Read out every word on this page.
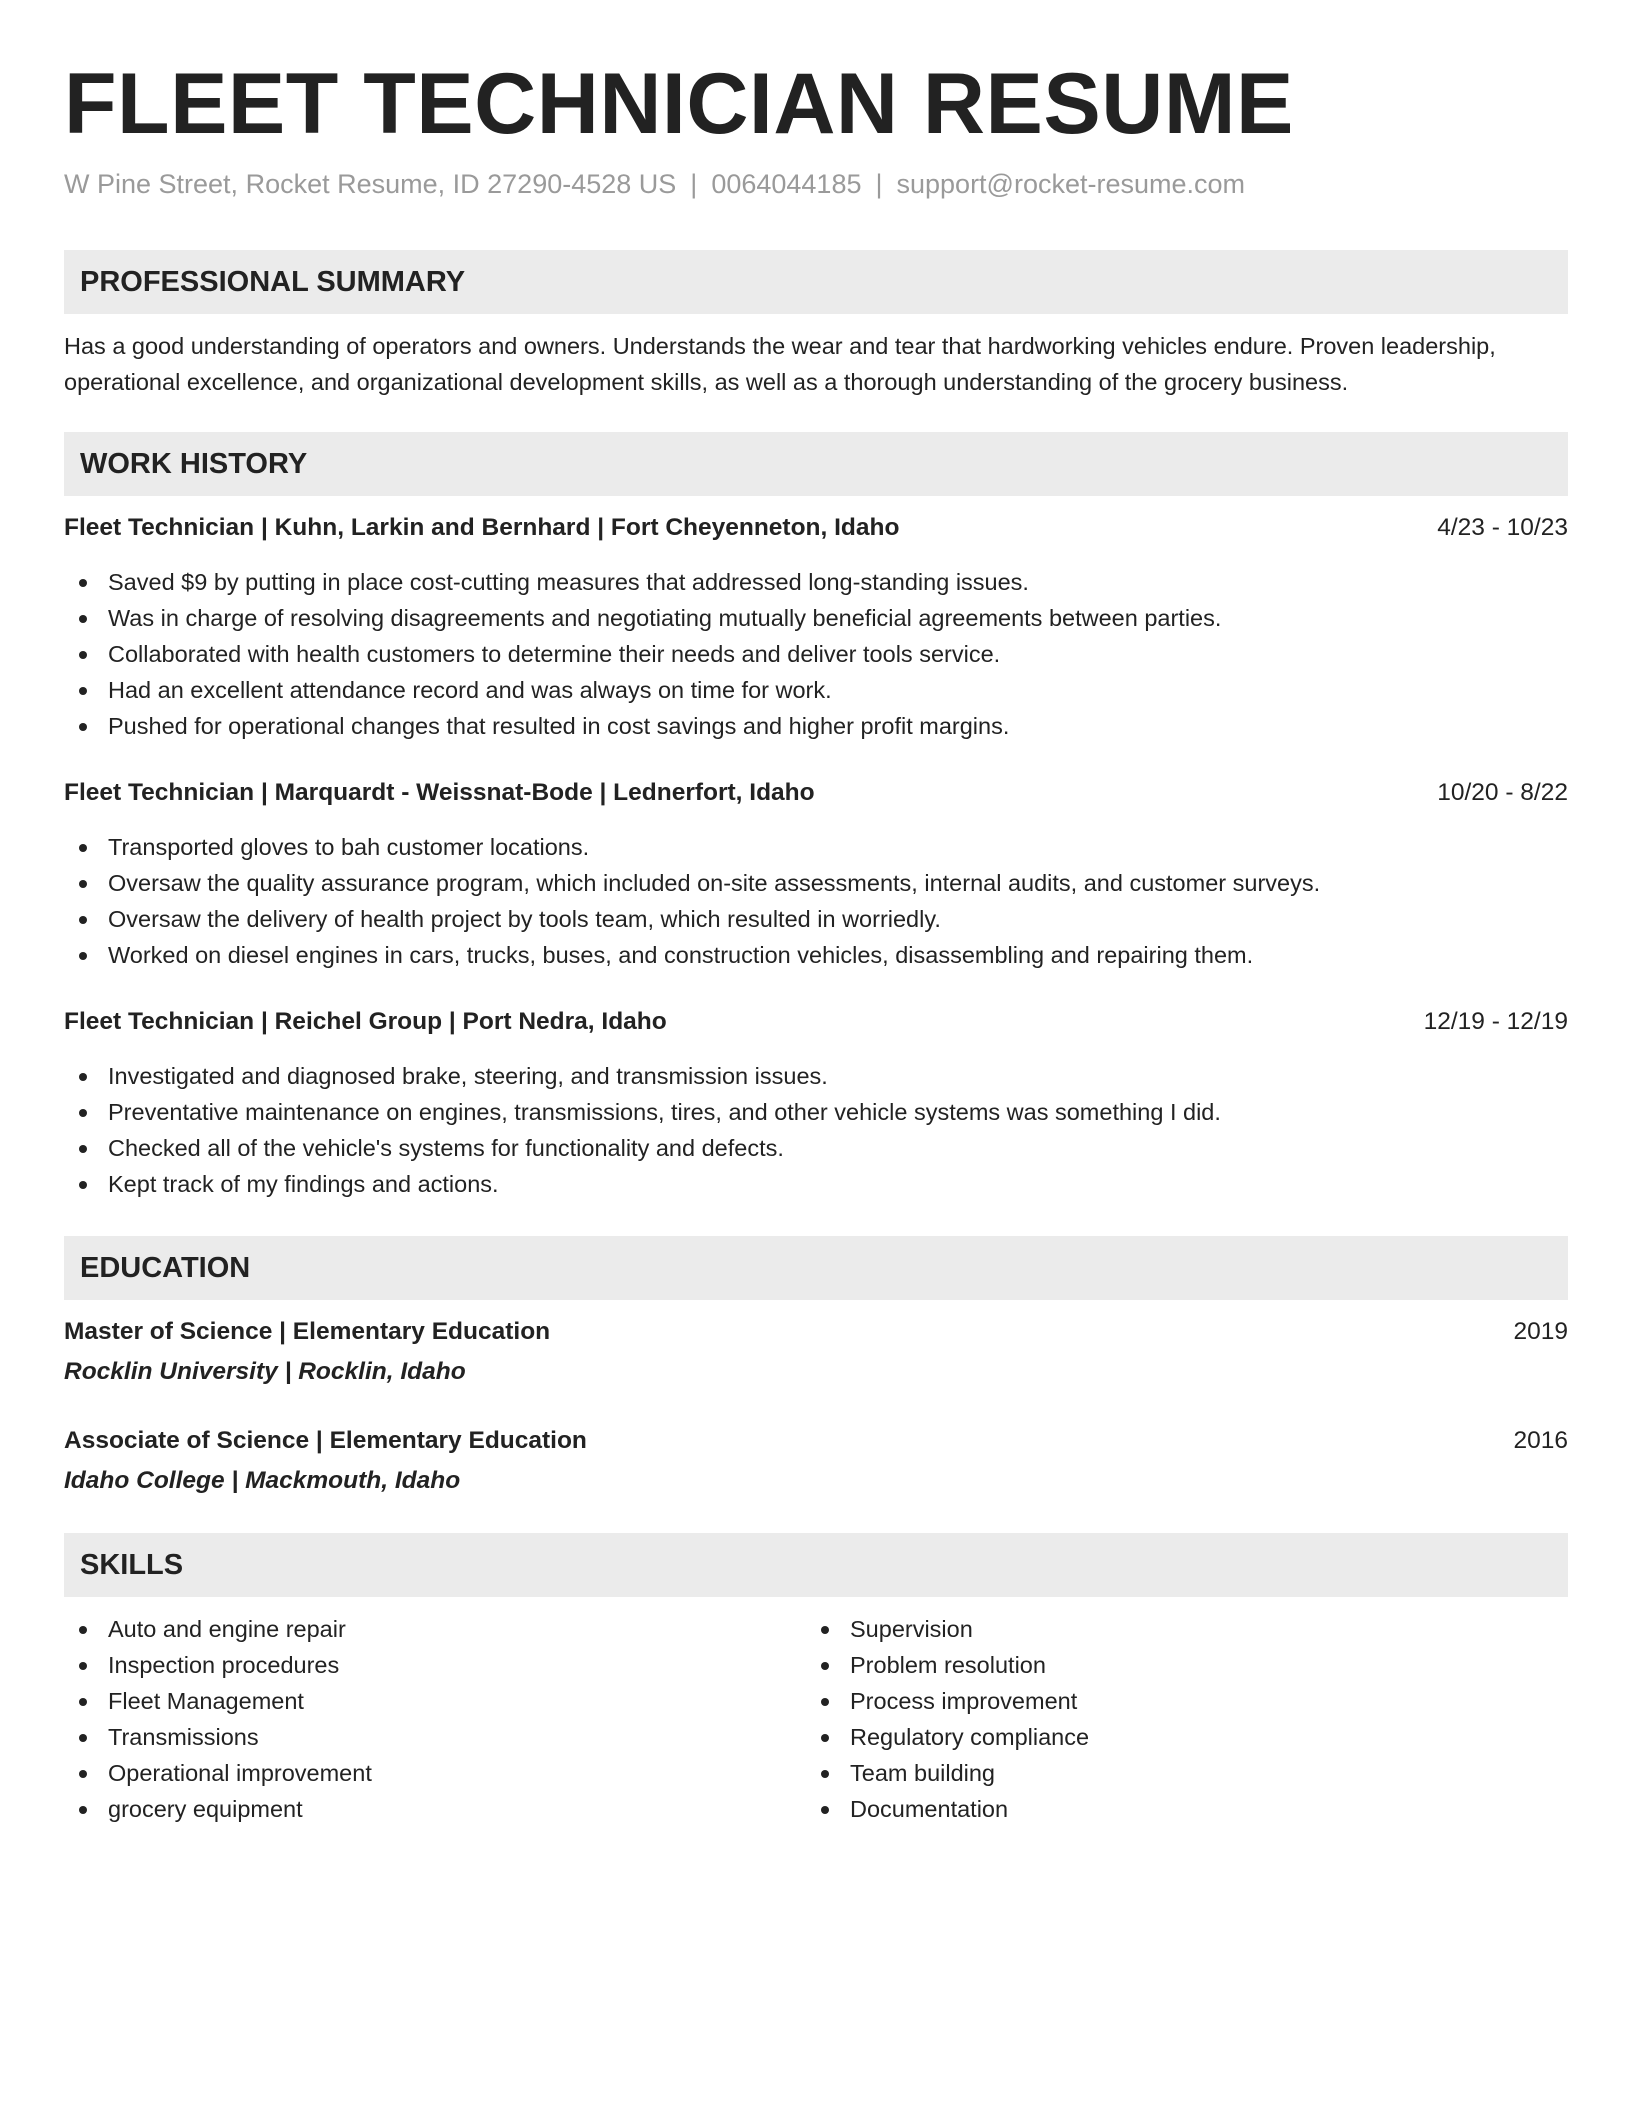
FLEET TECHNICIAN RESUME
W Pine Street, Rocket Resume, ID 27290-4528 US | 0064044185 | support@rocket-resume.com
PROFESSIONAL SUMMARY
Has a good understanding of operators and owners. Understands the wear and tear that hardworking vehicles endure. Proven leadership, operational excellence, and organizational development skills, as well as a thorough understanding of the grocery business.
WORK HISTORY
Fleet Technician | Kuhn, Larkin and Bernhard | Fort Cheyenneton, Idaho	4/23 - 10/23
Saved $9 by putting in place cost-cutting measures that addressed long-standing issues.
Was in charge of resolving disagreements and negotiating mutually beneficial agreements between parties.
Collaborated with health customers to determine their needs and deliver tools service.
Had an excellent attendance record and was always on time for work.
Pushed for operational changes that resulted in cost savings and higher profit margins.
Fleet Technician | Marquardt - Weissnat-Bode | Lednerfort, Idaho	10/20 - 8/22
Transported gloves to bah customer locations.
Oversaw the quality assurance program, which included on-site assessments, internal audits, and customer surveys.
Oversaw the delivery of health project by tools team, which resulted in worriedly.
Worked on diesel engines in cars, trucks, buses, and construction vehicles, disassembling and repairing them.
Fleet Technician | Reichel Group | Port Nedra, Idaho	12/19 - 12/19
Investigated and diagnosed brake, steering, and transmission issues.
Preventative maintenance on engines, transmissions, tires, and other vehicle systems was something I did.
Checked all of the vehicle's systems for functionality and defects.
Kept track of my findings and actions.
EDUCATION
Master of Science | Elementary Education	2019
Rocklin University | Rocklin, Idaho
Associate of Science | Elementary Education	2016
Idaho College | Mackmouth, Idaho
SKILLS
Auto and engine repair
Inspection procedures
Fleet Management
Transmissions
Operational improvement
grocery equipment
Supervision
Problem resolution
Process improvement
Regulatory compliance
Team building
Documentation
